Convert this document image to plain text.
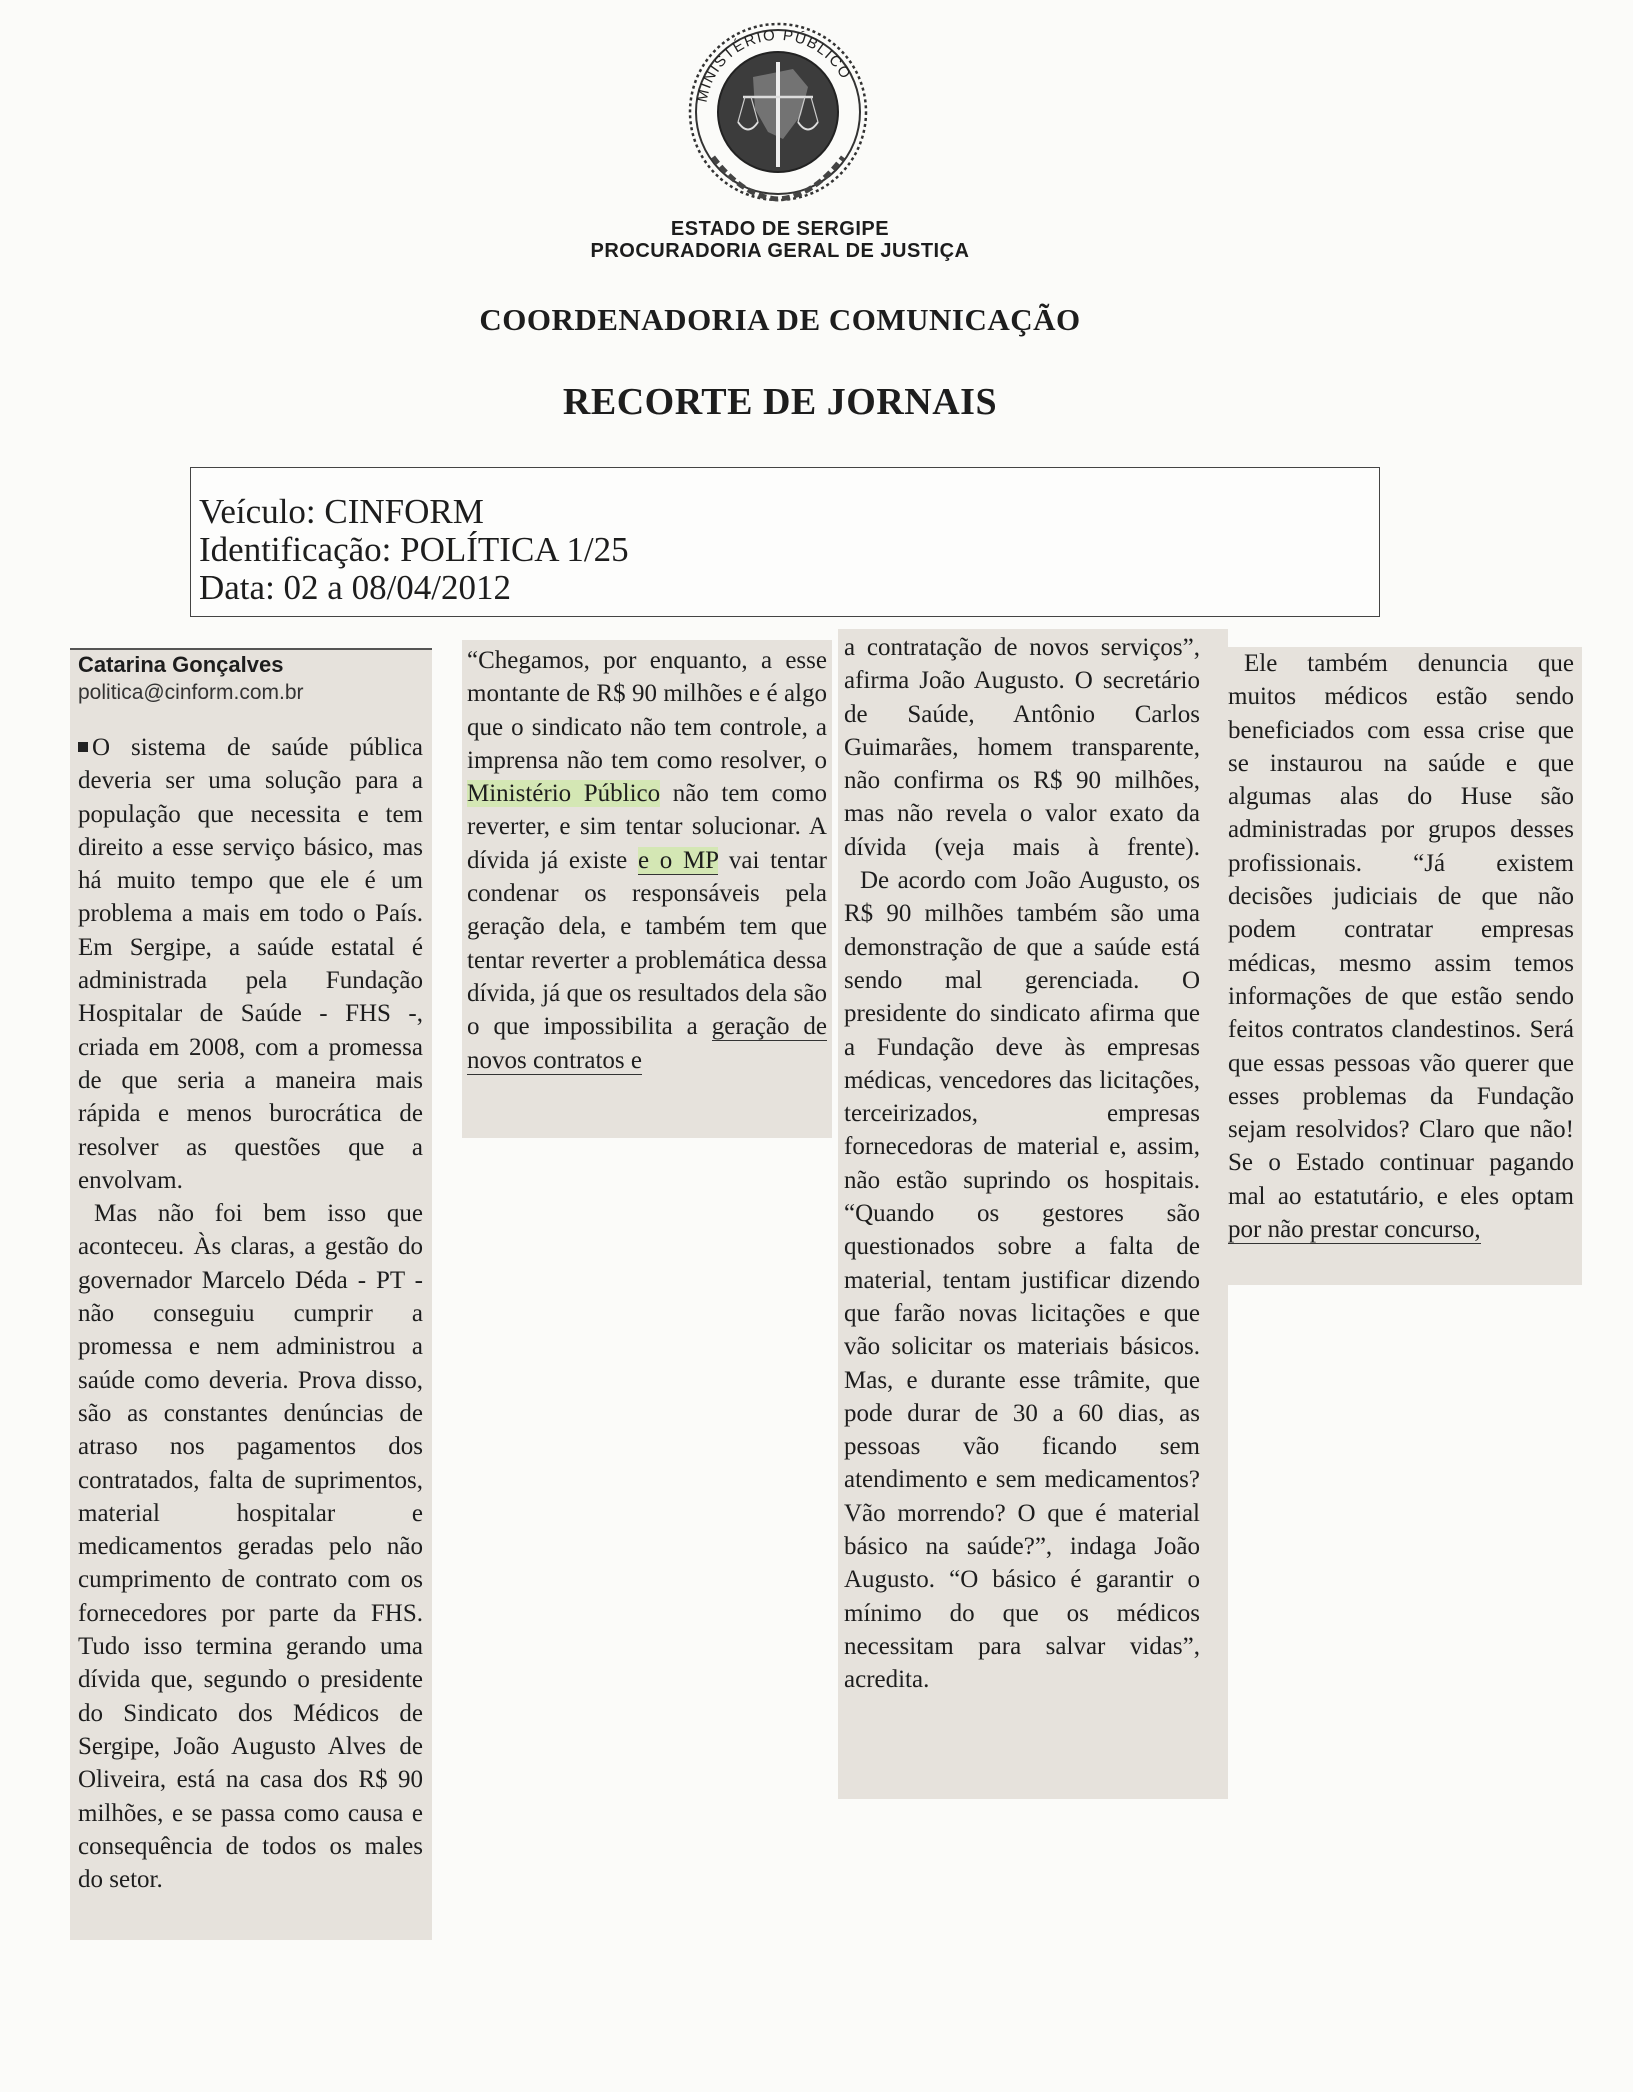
MINISTÉRIO PÚBLICO
ESTADO DE SERGIPE
PROCURADORIA GERAL DE JUSTIÇA
COORDENADORIA DE COMUNICAÇÃO
RECORTE DE JORNAIS
Veículo: CINFORM
Identificação: POLÍTICA 1/25
Data: 02 a 08/04/2012
Catarina Gonçalves
politica@cinform.com.br

O sistema de saúde pública deveria ser uma solução para a população que necessita e tem direito a esse serviço básico, mas há muito tempo que ele é um problema a mais em todo o País. Em Sergipe, a saúde estatal é administrada pela Fundação Hospitalar de Saúde - FHS -, criada em 2008, com a promessa de que seria a maneira mais rápida e menos burocrática de resolver as questões que a envolvam.

Mas não foi bem isso que aconteceu. Às claras, a gestão do governador Marcelo Déda - PT - não conseguiu cumprir a promessa e nem administrou a saúde como deveria. Prova disso, são as constantes denúncias de atraso nos pagamentos dos contratados, falta de suprimentos, material hospitalar e medicamentos geradas pelo não cumprimento de contrato com os fornecedores por parte da FHS. Tudo isso termina gerando uma dívida que, segundo o presidente do Sindicato dos Médicos de Sergipe, João Augusto Alves de Oliveira, está na casa dos R$ 90 milhões, e se passa como causa e consequência de todos os males do setor.

“Chegamos, por enquanto, a esse montante de R$ 90 milhões e é algo que o sindicato não tem controle, a imprensa não tem como resolver, o Ministério Público não tem como reverter, e sim tentar solucionar. A dívida já existe e o MP vai tentar condenar os responsáveis pela geração dela, e também tem que tentar reverter a problemática dessa dívida, já que os resultados dela são o que impossibilita a geração de novos contratos e

a contratação de novos serviços”, afirma João Augusto. O secretário de Saúde, Antônio Carlos Guimarães, homem transparente, não confirma os R$ 90 milhões, mas não revela o valor exato da dívida (veja mais à frente).

De acordo com João Augusto, os R$ 90 milhões também são uma demonstração de que a saúde está sendo mal gerenciada. O presidente do sindicato afirma que a Fundação deve às empresas médicas, vencedores das licitações, terceirizados, empresas fornecedoras de material e, assim, não estão suprindo os hospitais. “Quando os gestores são questionados sobre a falta de material, tentam justificar dizendo que farão novas licitações e que vão solicitar os materiais básicos. Mas, e durante esse trâmite, que pode durar de 30 a 60 dias, as pessoas vão ficando sem atendimento e sem medicamentos? Vão morrendo? O que é material básico na saúde?”, indaga João Augusto. “O básico é garantir o mínimo do que os médicos necessitam para salvar vidas”, acredita.

Ele também denuncia que muitos médicos estão sendo beneficiados com essa crise que se instaurou na saúde e que algumas alas do Huse são administradas por grupos desses profissionais. “Já existem decisões judiciais de que não podem contratar empresas médicas, mesmo assim temos informações de que estão sendo feitos contratos clandestinos. Será que essas pessoas vão querer que esses problemas da Fundação sejam resolvidos? Claro que não! Se o Estado continuar pagando mal ao estatutário, e eles optam por não prestar concurso,
